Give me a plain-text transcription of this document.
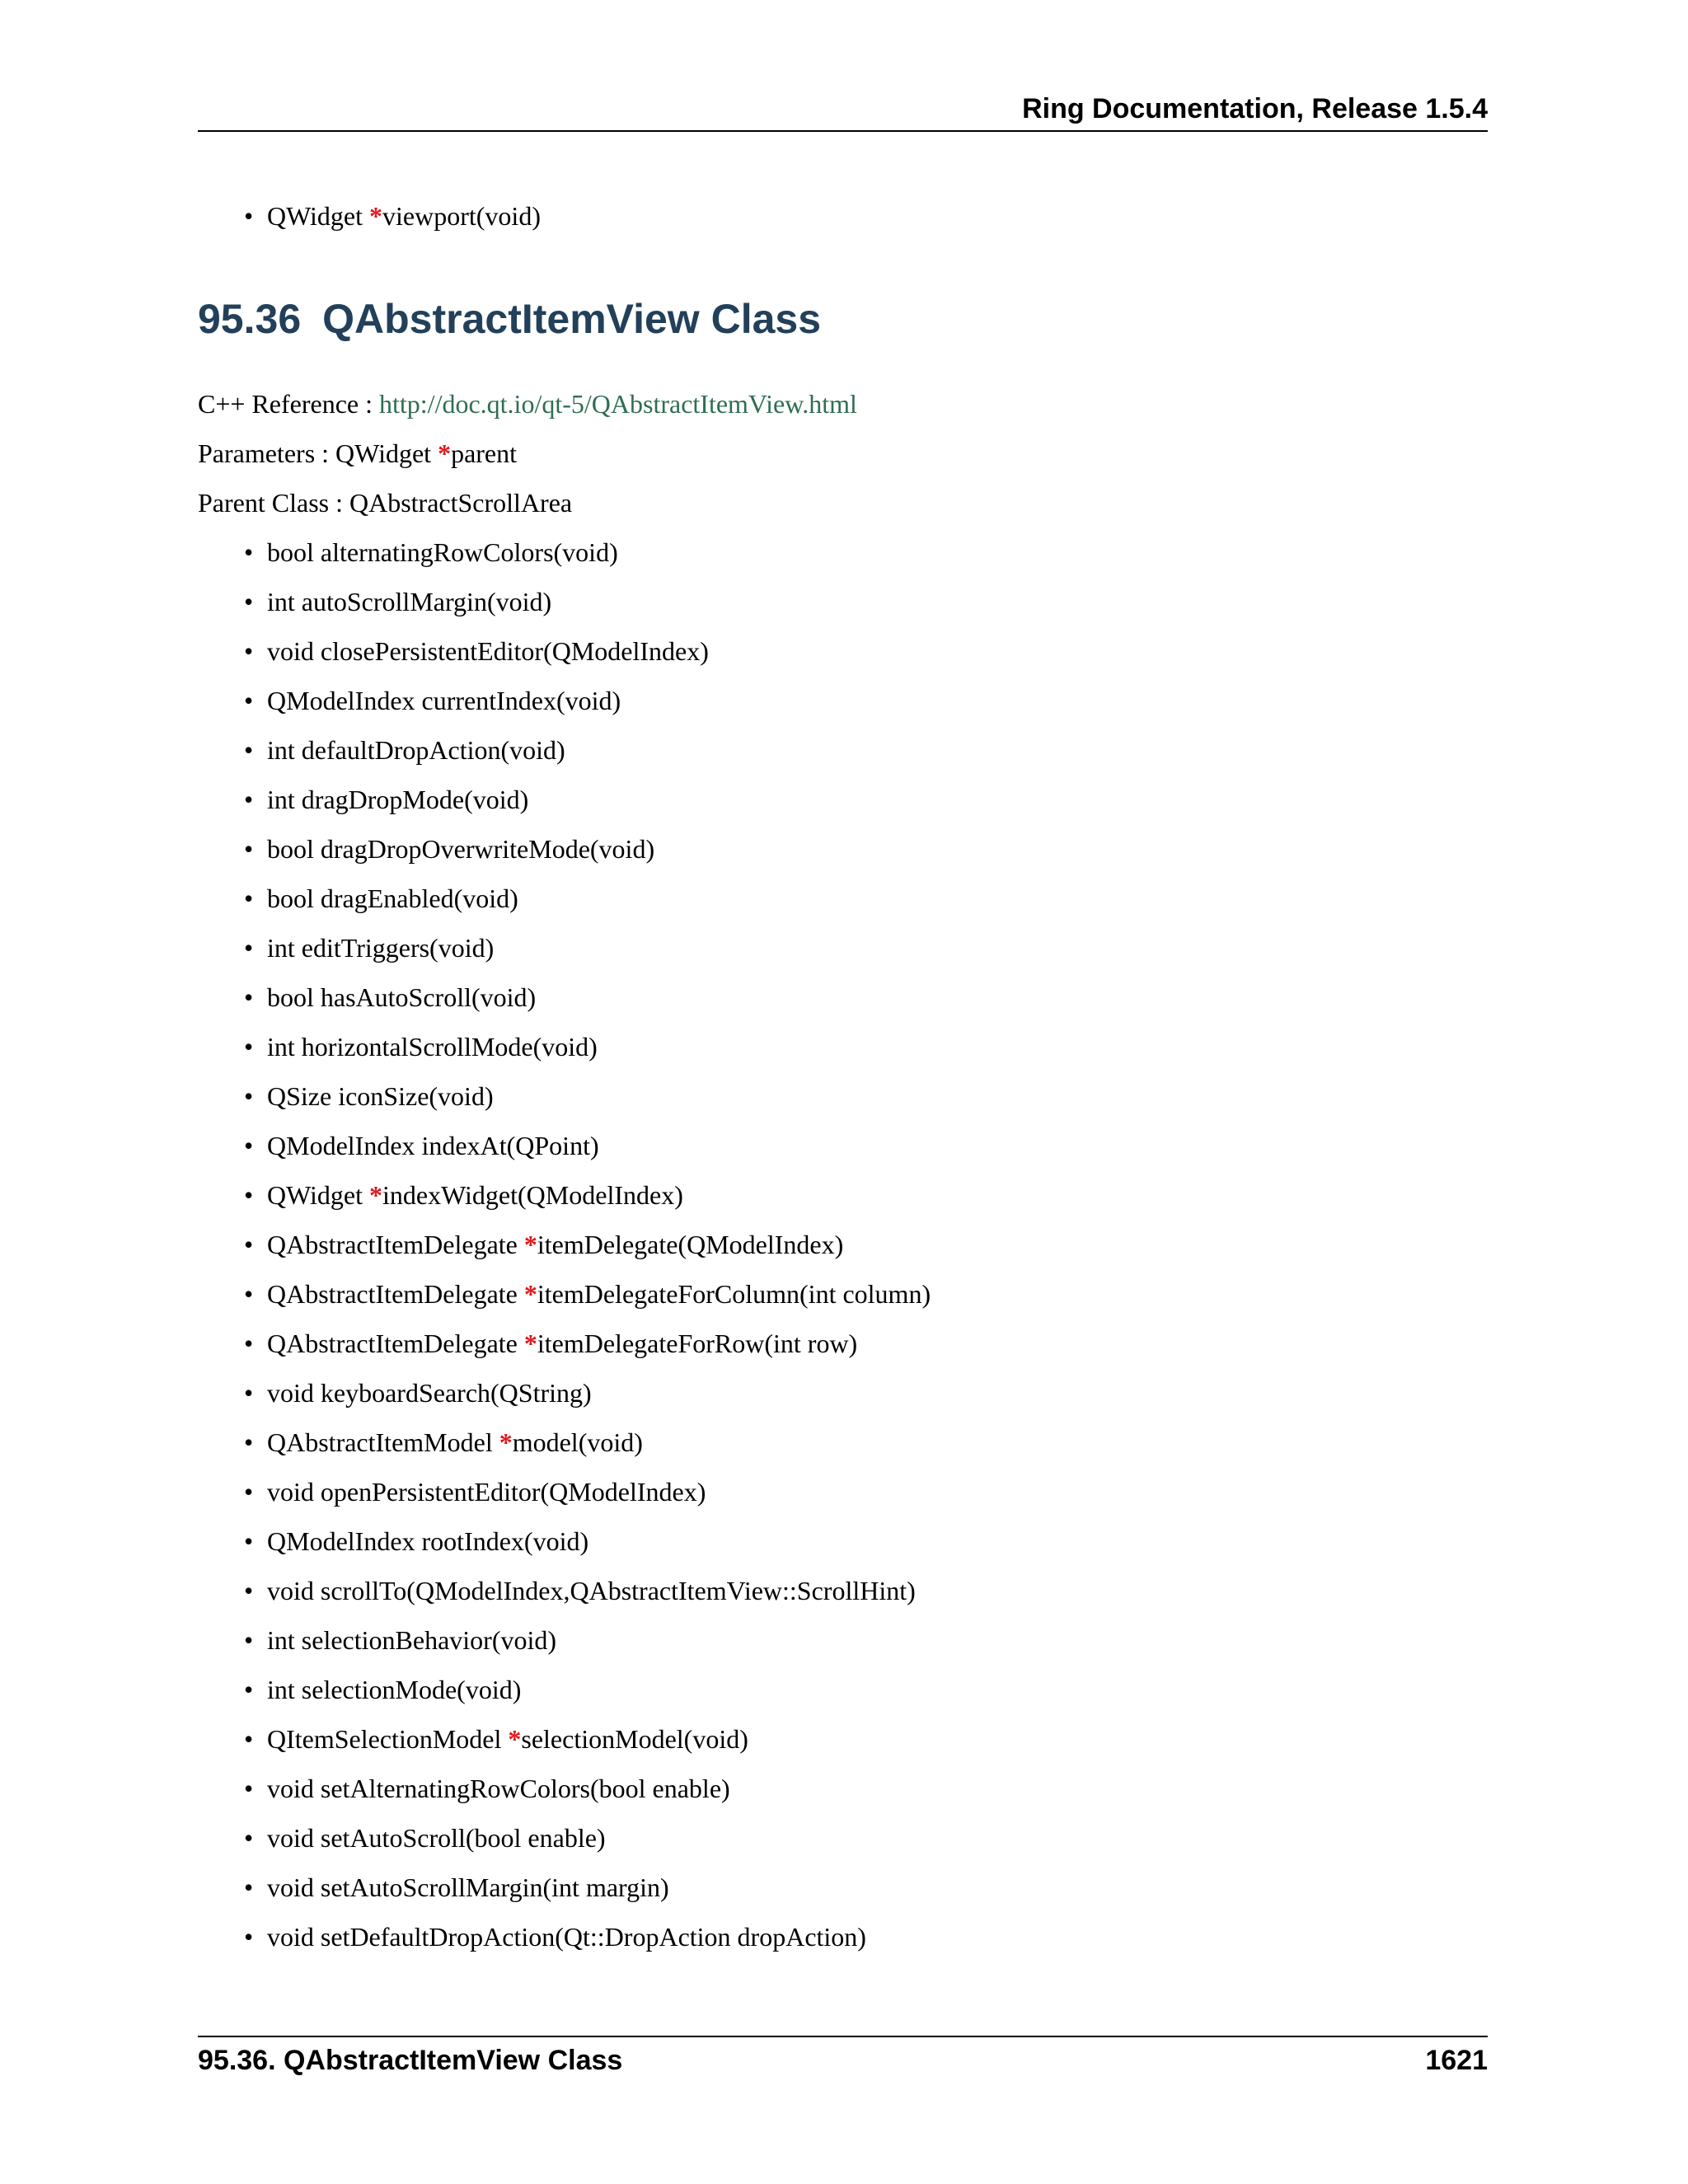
Ring Documentation, Release 1.5.4
• QWidget *viewport(void)
95.36 QAbstractItemView Class
C++ Reference : http://doc.qt.io/qt-5/QAbstractItemView.html
Parameters : QWidget *parent
Parent Class : QAbstractScrollArea
• bool alternatingRowColors(void)
• int autoScrollMargin(void)
• void closePersistentEditor(QModelIndex)
• QModelIndex currentIndex(void)
• int defaultDropAction(void)
• int dragDropMode(void)
• bool dragDropOverwriteMode(void)
• bool dragEnabled(void)
• int editTriggers(void)
• bool hasAutoScroll(void)
• int horizontalScrollMode(void)
• QSize iconSize(void)
• QModelIndex indexAt(QPoint)
• QWidget *indexWidget(QModelIndex)
• QAbstractItemDelegate *itemDelegate(QModelIndex)
• QAbstractItemDelegate *itemDelegateForColumn(int column)
• QAbstractItemDelegate *itemDelegateForRow(int row)
• void keyboardSearch(QString)
• QAbstractItemModel *model(void)
• void openPersistentEditor(QModelIndex)
• QModelIndex rootIndex(void)
• void scrollTo(QModelIndex,QAbstractItemView::ScrollHint)
• int selectionBehavior(void)
• int selectionMode(void)
• QItemSelectionModel *selectionModel(void)
• void setAlternatingRowColors(bool enable)
• void setAutoScroll(bool enable)
• void setAutoScrollMargin(int margin)
• void setDefaultDropAction(Qt::DropAction dropAction)
95.36. QAbstractItemView Class	1621
